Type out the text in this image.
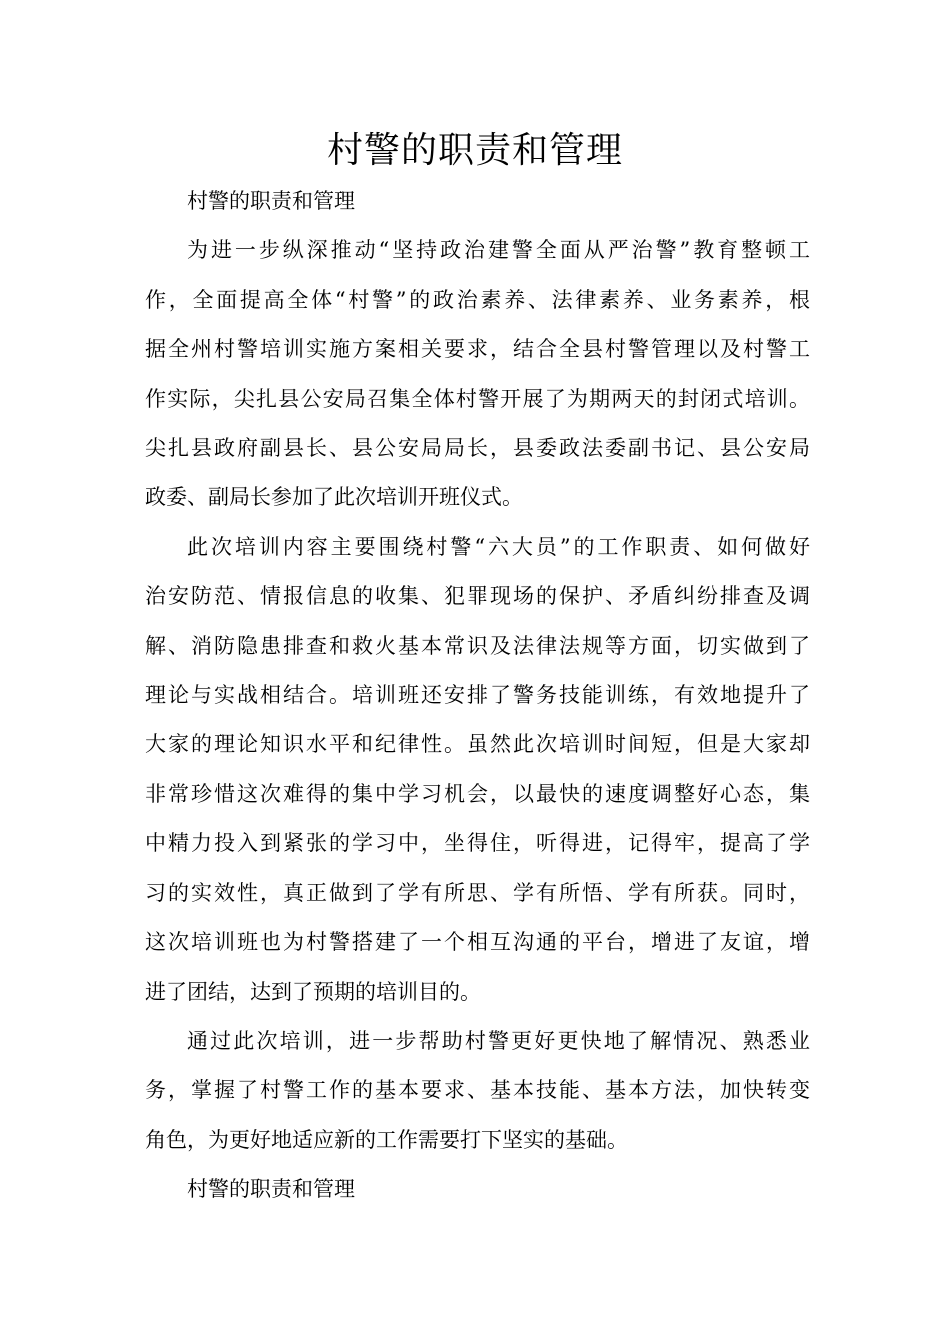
村警的职责和管理

村警的职责和管理

为进一步纵深推动“坚持政治建警全面从严治警”教育整顿工
作，全面提高全体“村警”的政治素养、法律素养、业务素养，根
据全州村警培训实施方案相关要求，结合全县村警管理以及村警工
作实际，尖扎县公安局召集全体村警开展了为期两天的封闭式培训。
尖扎县政府副县长、县公安局局长，县委政法委副书记、县公安局
政委、副局长参加了此次培训开班仪式。
此次培训内容主要围绕村警“六大员”的工作职责、如何做好
治安防范、情报信息的收集、犯罪现场的保护、矛盾纠纷排查及调
解、消防隐患排查和救火基本常识及法律法规等方面，切实做到了
理论与实战相结合。培训班还安排了警务技能训练，有效地提升了
大家的理论知识水平和纪律性。虽然此次培训时间短，但是大家却
非常珍惜这次难得的集中学习机会，以最快的速度调整好心态，集
中精力投入到紧张的学习中，坐得住，听得进，记得牢，提高了学
习的实效性，真正做到了学有所思、学有所悟、学有所获。同时，
这次培训班也为村警搭建了一个相互沟通的平台，增进了友谊，增
进了团结，达到了预期的培训目的。
通过此次培训，进一步帮助村警更好更快地了解情况、熟悉业
务，掌握了村警工作的基本要求、基本技能、基本方法，加快转变
角色，为更好地适应新的工作需要打下坚实的基础。

村警的职责和管理
